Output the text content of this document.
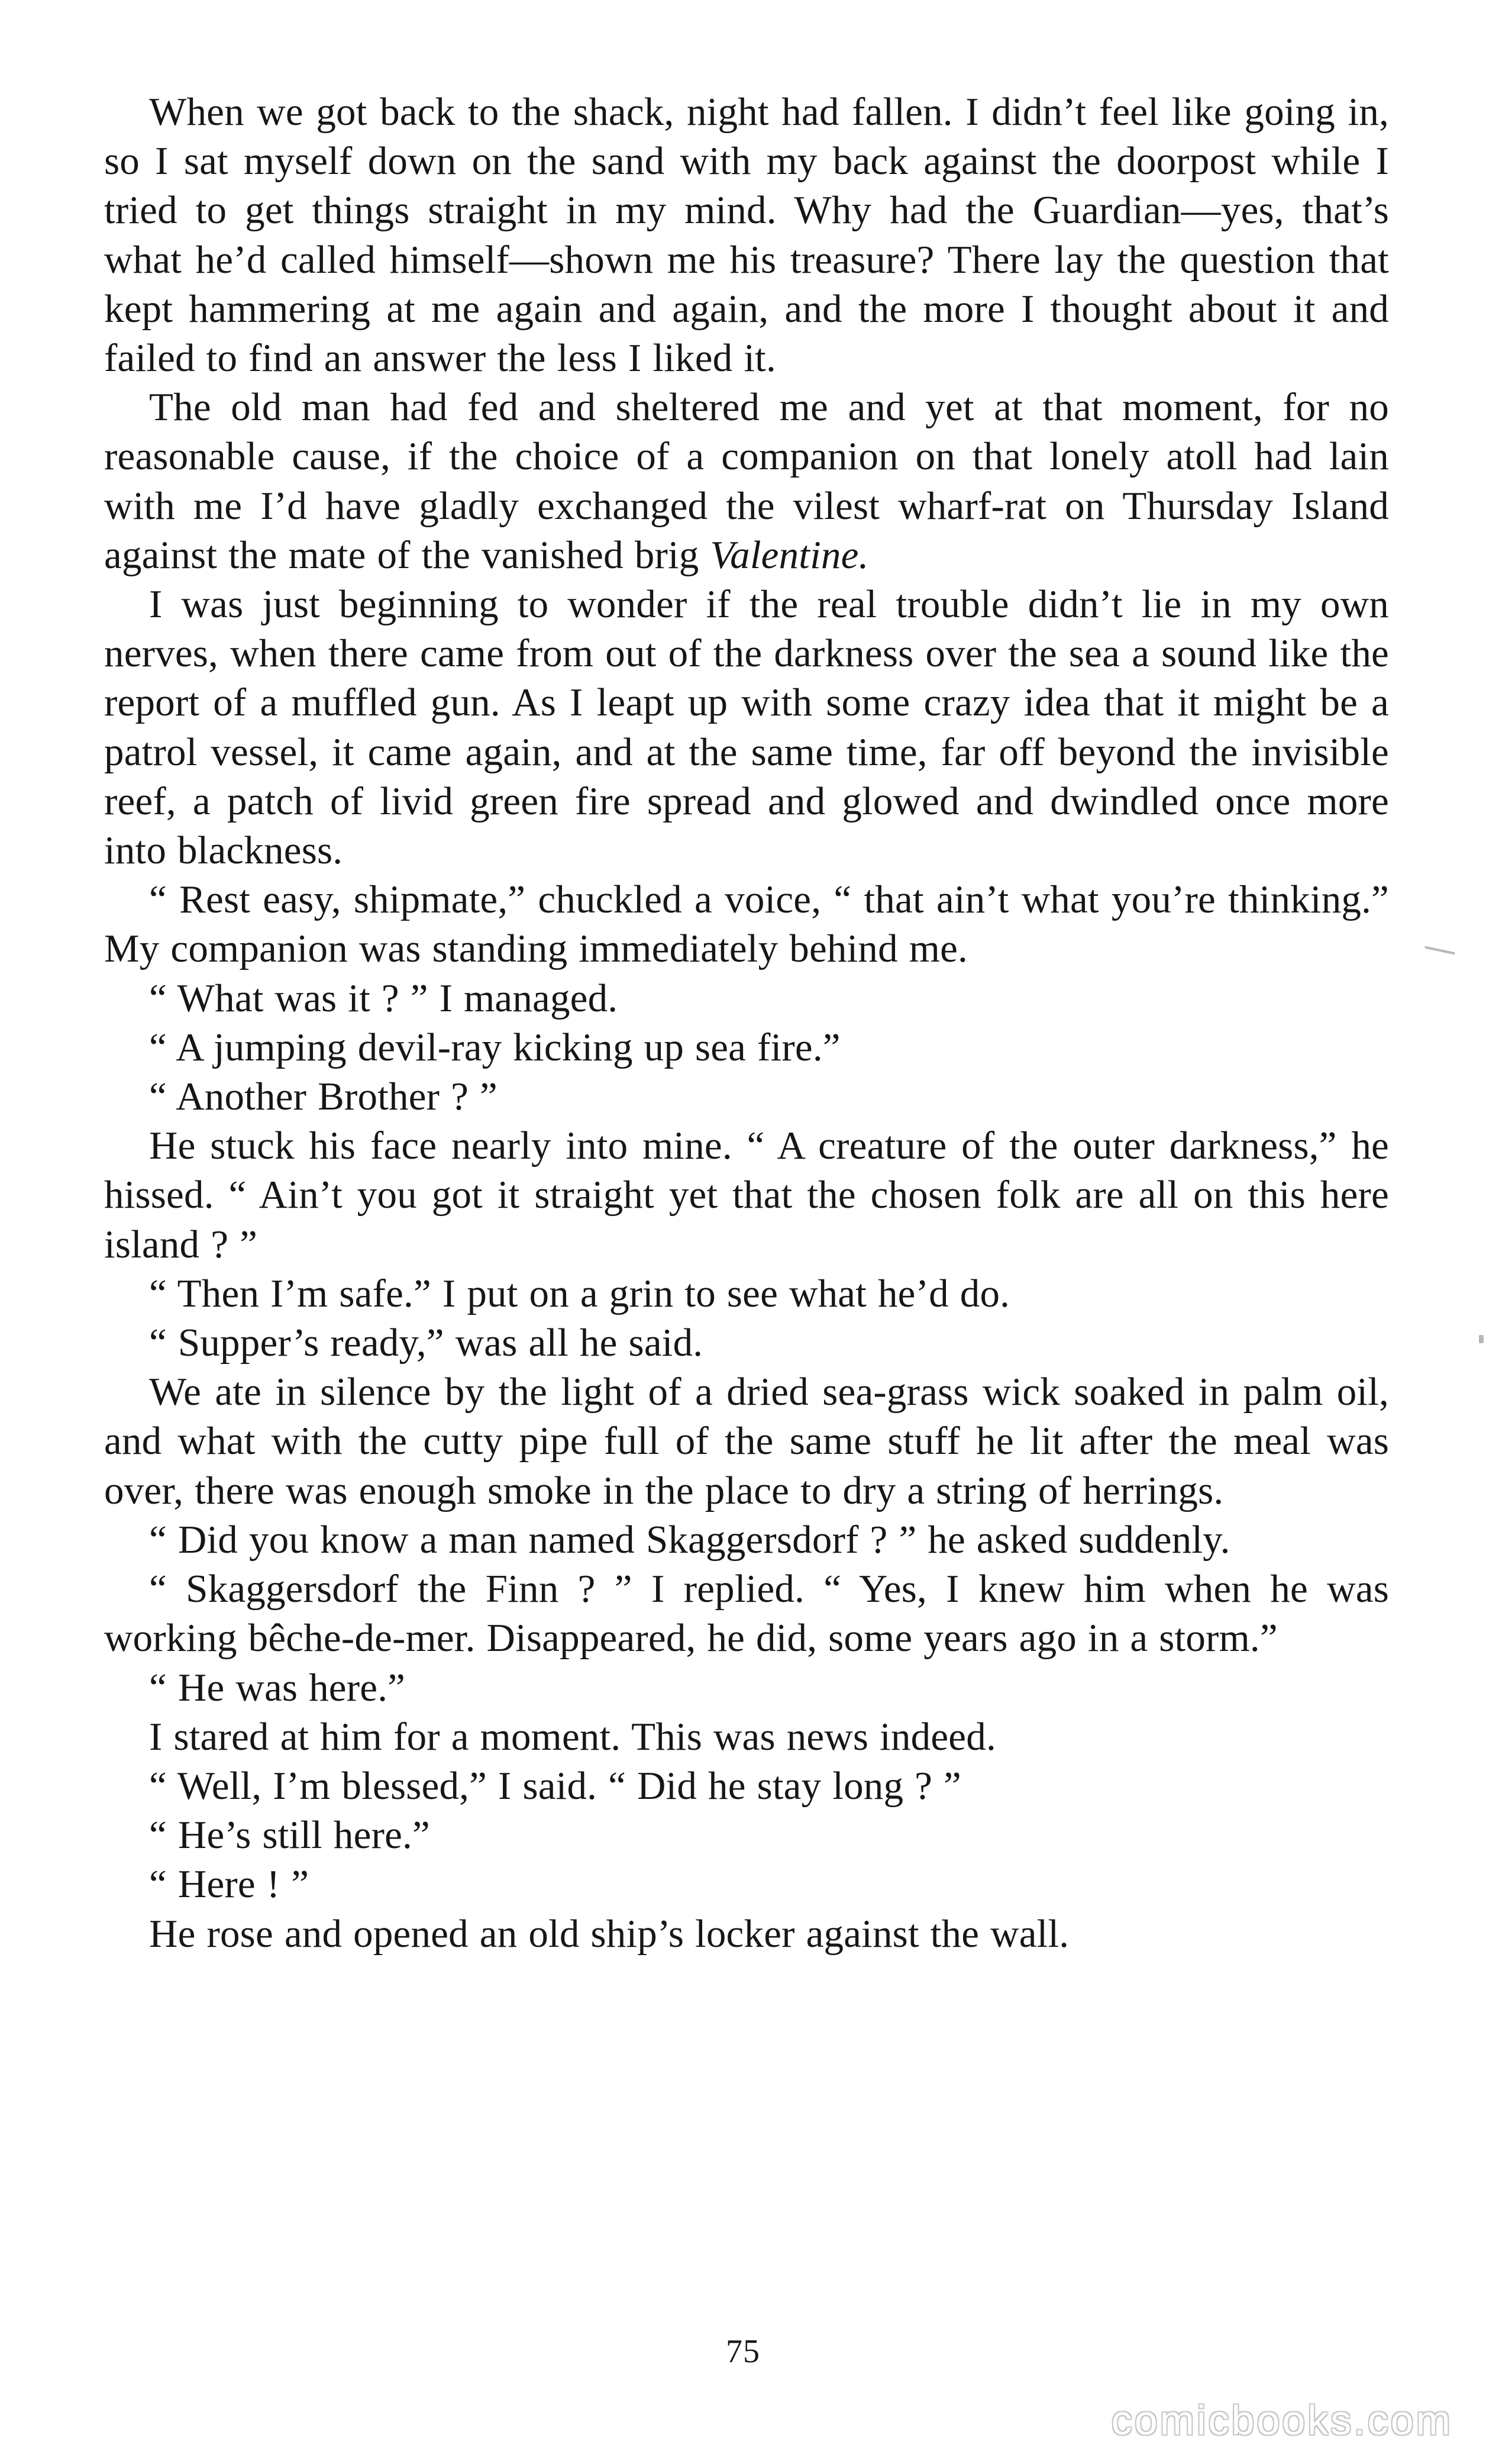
When we got back to the shack, night had fallen. I didn’t feel like going in, so I sat myself down on the sand with my back against the doorpost while I tried to get things straight in my mind. Why had the Guardian—yes, that’s what he’d called himself—shown me his treasure? There lay the question that kept hammering at me again and again, and the more I thought about it and failed to find an answer the less I liked it.

The old man had fed and sheltered me and yet at that moment, for no reasonable cause, if the choice of a companion on that lonely atoll had lain with me I’d have gladly exchanged the vilest wharf-rat on Thursday Island against the mate of the vanished brig Valentine.

I was just beginning to wonder if the real trouble didn’t lie in my own nerves, when there came from out of the darkness over the sea a sound like the report of a muffled gun. As I leapt up with some crazy idea that it might be a patrol vessel, it came again, and at the same time, far off beyond the invisible reef, a patch of livid green fire spread and glowed and dwindled once more into blackness.

“ Rest easy, shipmate,” chuckled a voice, “ that ain’t what you’re thinking.” My companion was standing immediately behind me.

“ What was it ? ” I managed.

“ A jumping devil-ray kicking up sea fire.”

“ Another Brother ? ”

He stuck his face nearly into mine. “ A creature of the outer darkness,” he hissed. “ Ain’t you got it straight yet that the chosen folk are all on this here island ? ”

“ Then I’m safe.” I put on a grin to see what he’d do.

“ Supper’s ready,” was all he said.

We ate in silence by the light of a dried sea-grass wick soaked in palm oil, and what with the cutty pipe full of the same stuff he lit after the meal was over, there was enough smoke in the place to dry a string of herrings.

“ Did you know a man named Skaggersdorf ? ” he asked suddenly.

“ Skaggersdorf the Finn ? ” I replied. “ Yes, I knew him when he was working bêche-de-mer. Disappeared, he did, some years ago in a storm.”

“ He was here.”

I stared at him for a moment. This was news indeed.

“ Well, I’m blessed,” I said. “ Did he stay long ? ”

“ He’s still here.”

“ Here ! ”

He rose and opened an old ship’s locker against the wall.

75
comicbooks.com
